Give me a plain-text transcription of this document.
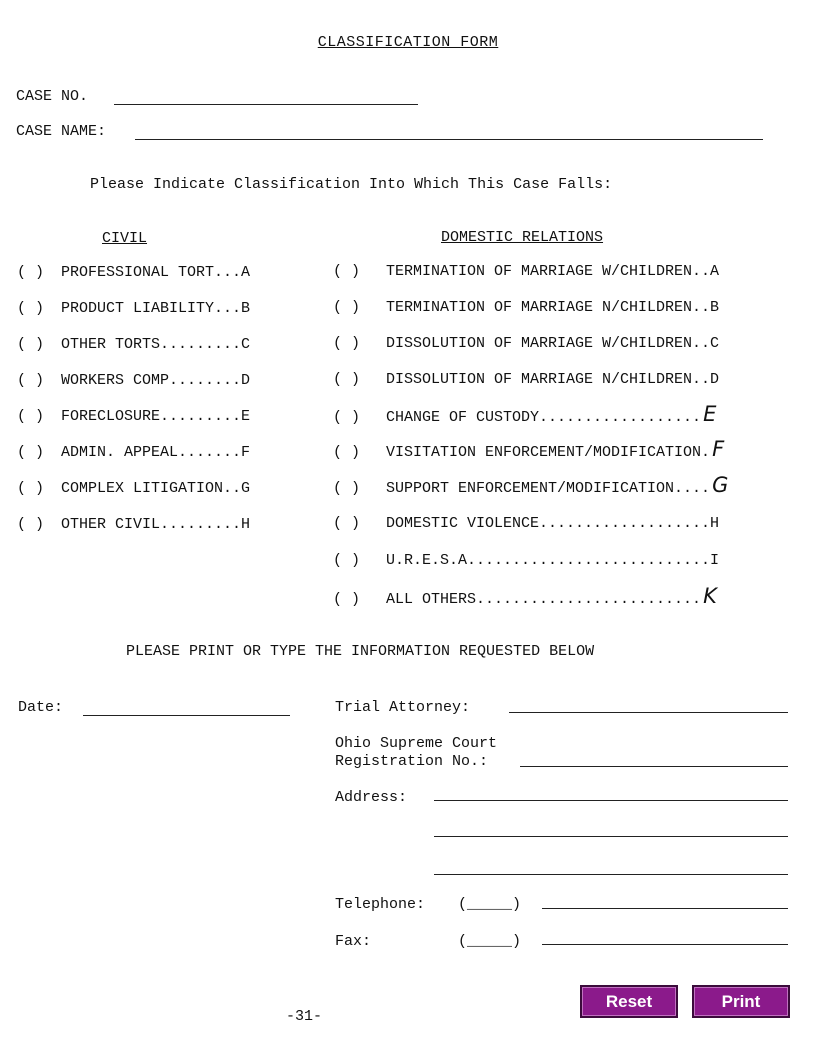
CLASSIFICATION FORM
CASE NO.
CASE NAME:
Please Indicate Classification Into Which This Case Falls:
CIVIL	DOMESTIC RELATIONS
( ) PROFESSIONAL TORT...A
( ) PRODUCT LIABILITY...B
( ) OTHER TORTS.........C
( ) WORKERS COMP........D
( ) FORECLOSURE.........E
( ) ADMIN. APPEAL.......F
( ) COMPLEX LITIGATION..G
( ) OTHER CIVIL.........H
( ) TERMINATION OF MARRIAGE W/CHILDREN..A
( ) TERMINATION OF MARRIAGE N/CHILDREN..B
( ) DISSOLUTION OF MARRIAGE W/CHILDREN..C
( ) DISSOLUTION OF MARRIAGE N/CHILDREN..D
( ) CHANGE OF CUSTODY..................E
( ) VISITATION ENFORCEMENT/MODIFICATION.F
( ) SUPPORT ENFORCEMENT/MODIFICATION....G
( ) DOMESTIC VIOLENCE...................H
( ) U.R.E.S.A...........................I
( ) ALL OTHERS.........................K
PLEASE PRINT OR TYPE THE INFORMATION REQUESTED BELOW
Date:	Trial Attorney:
Ohio Supreme Court
Registration No.:
Address:
Telephone: (_____)
Fax:	(_____)
-31-
Reset	Print
